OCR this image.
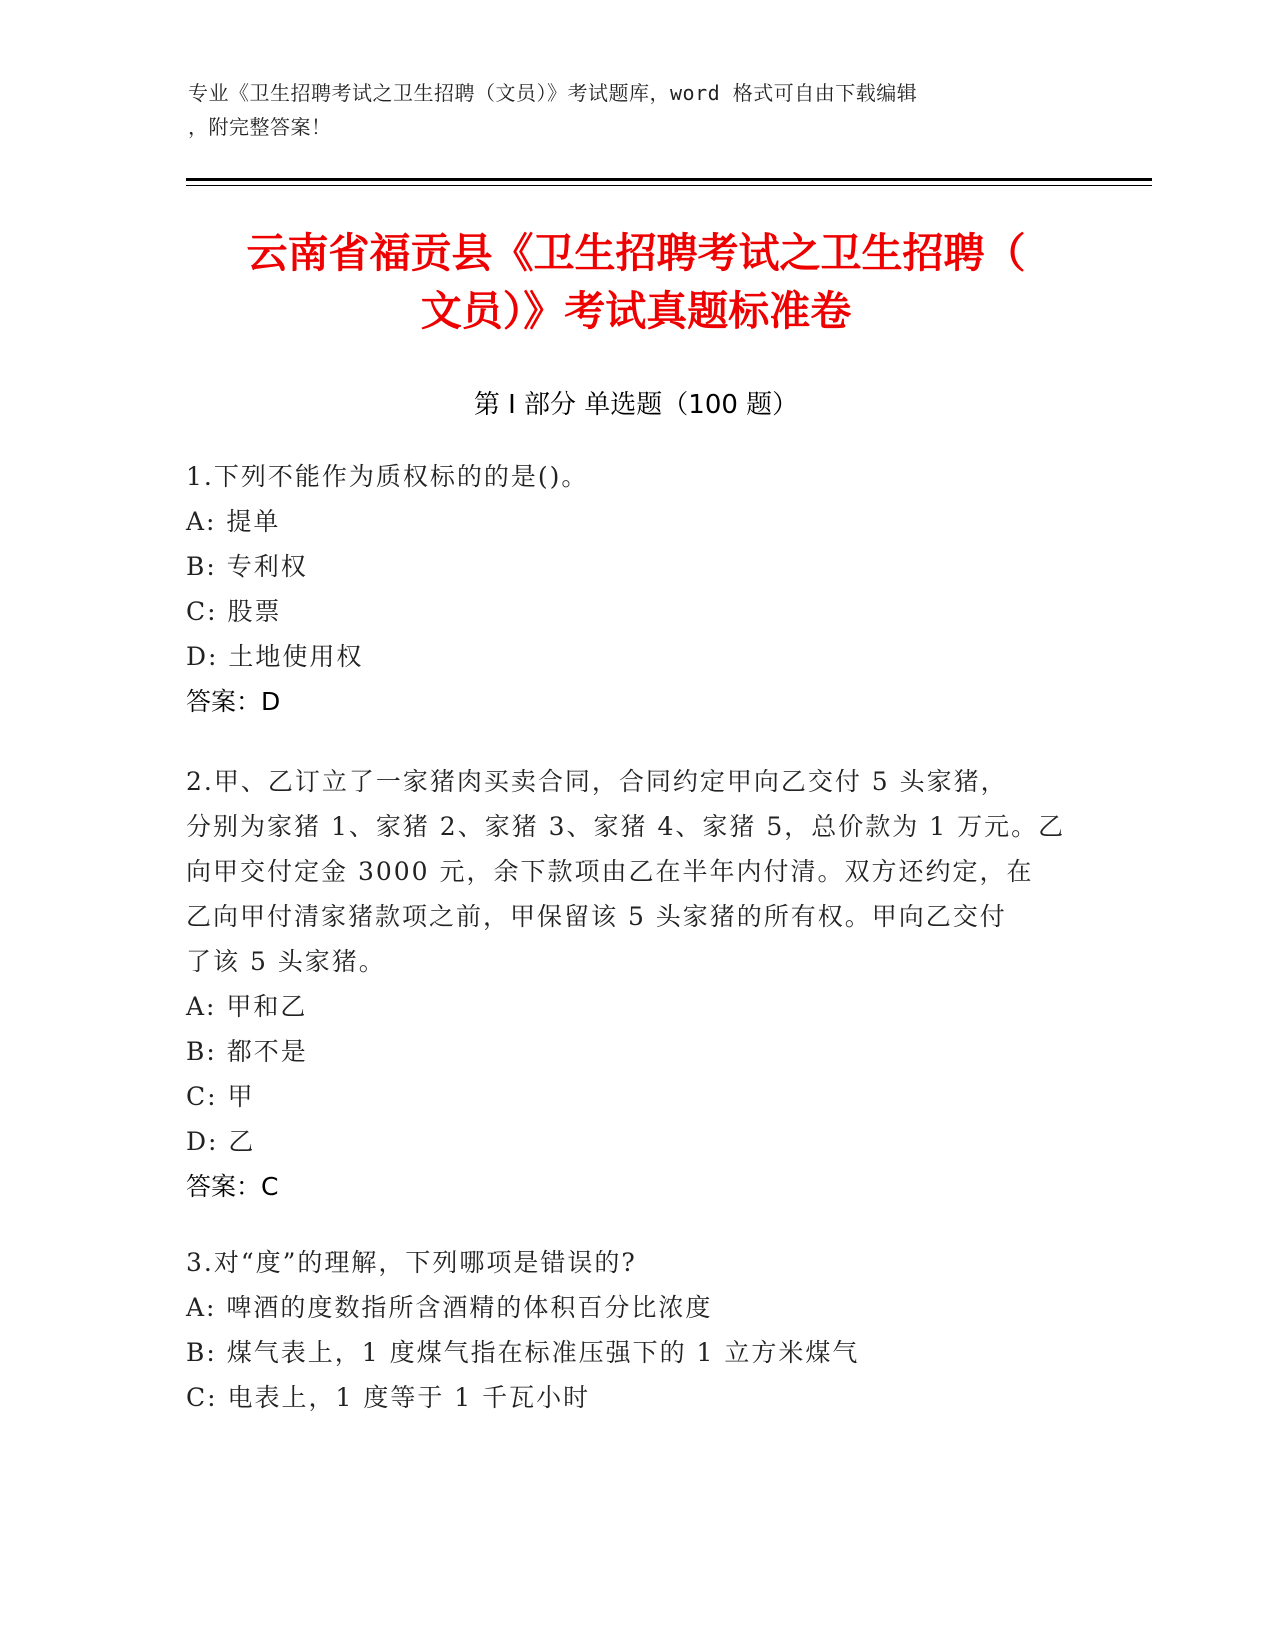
专业《卫生招聘考试之卫生招聘（文员）》考试题库，word 格式可自由下载编辑
，附完整答案！
云南省福贡县《卫生招聘考试之卫生招聘（
文员）》考试真题标准卷
第 I 部分 单选题（100 题）
1.下列不能作为质权标的的是()。
A: 提单
B: 专利权
C: 股票
D: 土地使用权
答案：D
2.甲、乙订立了一家猪肉买卖合同，合同约定甲向乙交付 5 头家猪，
分别为家猪 1、家猪 2、家猪 3、家猪 4、家猪 5，总价款为 1 万元。乙
向甲交付定金 3000 元，余下款项由乙在半年内付清。双方还约定，在
乙向甲付清家猪款项之前，甲保留该 5 头家猪的所有权。甲向乙交付
了该 5 头家猪。
A: 甲和乙
B: 都不是
C: 甲
D: 乙
答案：C
3.对“度”的理解，下列哪项是错误的?
A: 啤酒的度数指所含酒精的体积百分比浓度
B: 煤气表上，1 度煤气指在标准压强下的 1 立方米煤气
C: 电表上，1 度等于 1 千瓦小时
